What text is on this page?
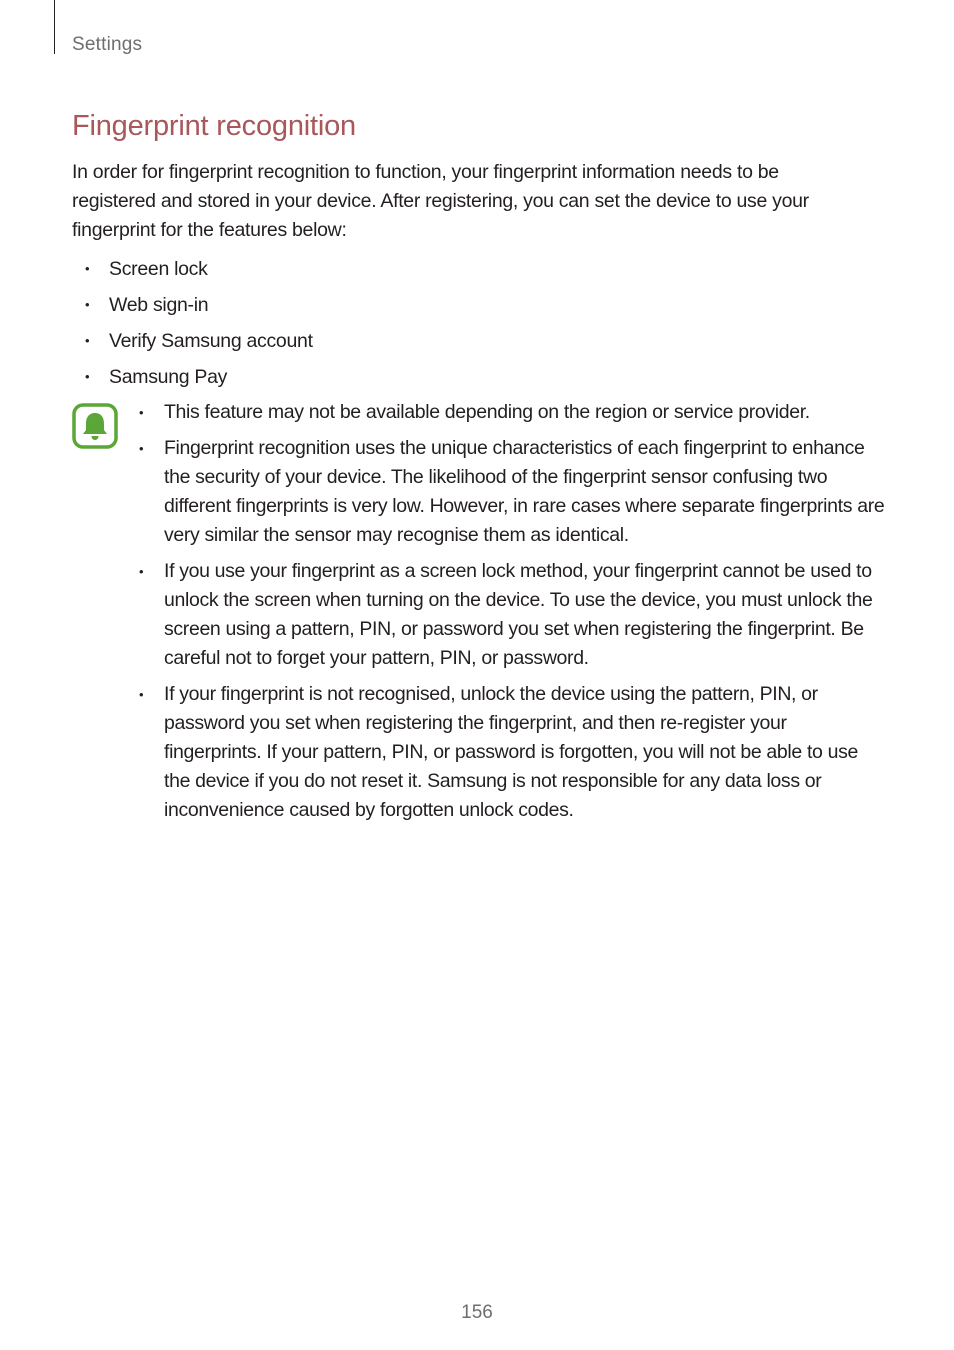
Settings
Fingerprint recognition

In order for fingerprint recognition to function, your fingerprint information needs to be registered and stored in your device. After registering, you can set the device to use your fingerprint for the features below:

• Screen lock
• Web sign-in
• Verify Samsung account
• Samsung Pay
• This feature may not be available depending on the region or service provider.
• Fingerprint recognition uses the unique characteristics of each fingerprint to enhance the security of your device. The likelihood of the fingerprint sensor confusing two different fingerprints is very low. However, in rare cases where separate fingerprints are very similar the sensor may recognise them as identical.
• If you use your fingerprint as a screen lock method, your fingerprint cannot be used to unlock the screen when turning on the device. To use the device, you must unlock the screen using a pattern, PIN, or password you set when registering the fingerprint. Be careful not to forget your pattern, PIN, or password.
• If your fingerprint is not recognised, unlock the device using the pattern, PIN, or password you set when registering the fingerprint, and then re-register your fingerprints. If your pattern, PIN, or password is forgotten, you will not be able to use the device if you do not reset it. Samsung is not responsible for any data loss or inconvenience caused by forgotten unlock codes.
156
